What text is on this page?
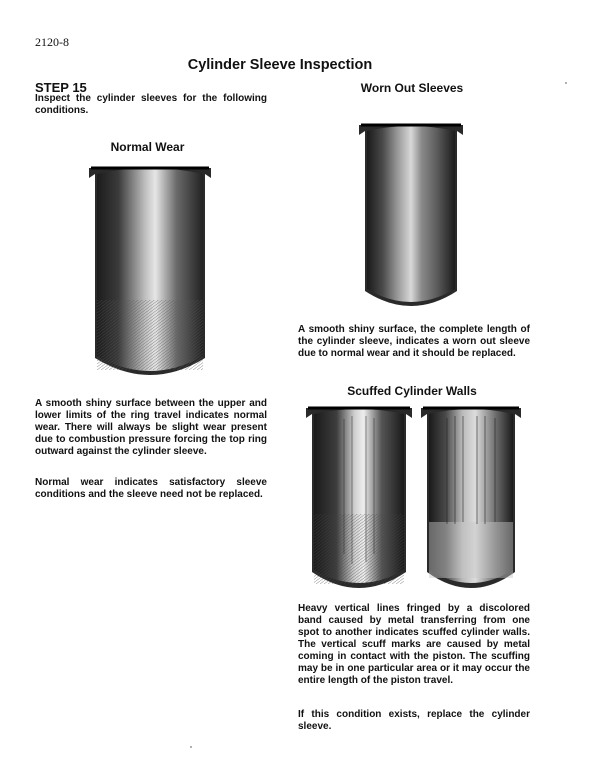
2120-8
Cylinder Sleeve Inspection
STEP 15
Inspect the cylinder sleeves for the following conditions.
Normal Wear
A smooth shiny surface between the upper and lower limits of the ring travel indicates normal wear. There will always be slight wear present due to combustion pressure forcing the top ring outward against the cylinder sleeve.
Normal wear indicates satisfactory sleeve conditions and the sleeve need not be replaced.
Worn Out Sleeves
A smooth shiny surface, the complete length of the cylinder sleeve, indicates a worn out sleeve due to normal wear and it should be replaced.
Scuffed Cylinder Walls
Heavy vertical lines fringed by a discolored band caused by metal transferring from one spot to another indicates scuffed cylinder walls. The vertical scuff marks are caused by metal coming in contact with the piston. The scuffing may be in one particular area or it may occur the entire length of the piston travel.
If this condition exists, replace the cylinder sleeve.
